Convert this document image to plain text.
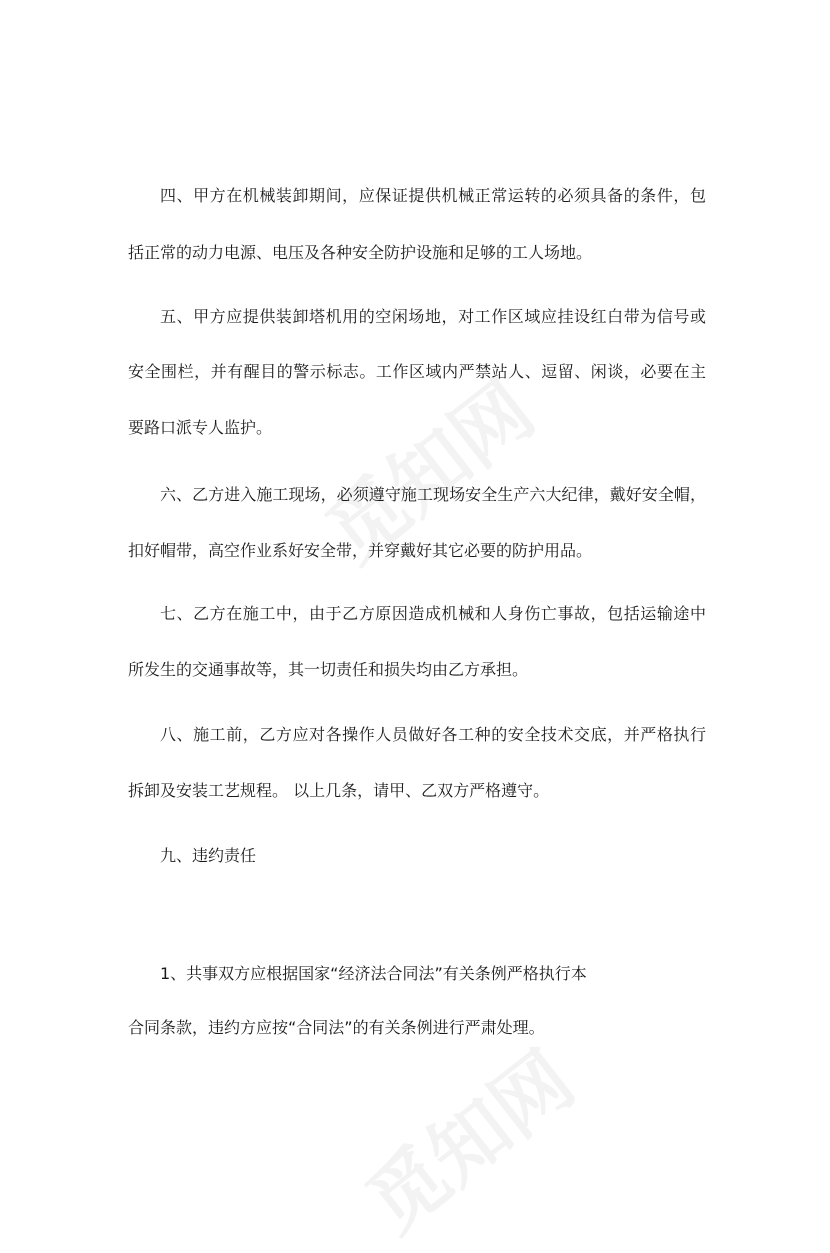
四、甲方在机械装卸期间，应保证提供机械正常运转的必须具备的条件，包

括正常的动力电源、电压及各种安全防护设施和足够的工人场地。

五、甲方应提供装卸塔机用的空闲场地，对工作区域应挂设红白带为信号或

安全围栏，并有醒目的警示标志。工作区域内严禁站人、逗留、闲谈，必要在主

要路口派专人监护。

六、乙方进入施工现场，必须遵守施工现场安全生产六大纪律，戴好安全帽，

扣好帽带，高空作业系好安全带，并穿戴好其它必要的防护用品。

七、乙方在施工中，由于乙方原因造成机械和人身伤亡事故，包括运输途中

所发生的交通事故等，其一切责任和损失均由乙方承担。

八、施工前，乙方应对各操作人员做好各工种的安全技术交底，并严格执行

拆卸及安装工艺规程。 以上几条，请甲、乙双方严格遵守。

九、违约责任

1、共事双方应根据国家“经济法合同法”有关条例严格执行本

合同条款，违约方应按“合同法”的有关条例进行严肃处理。
